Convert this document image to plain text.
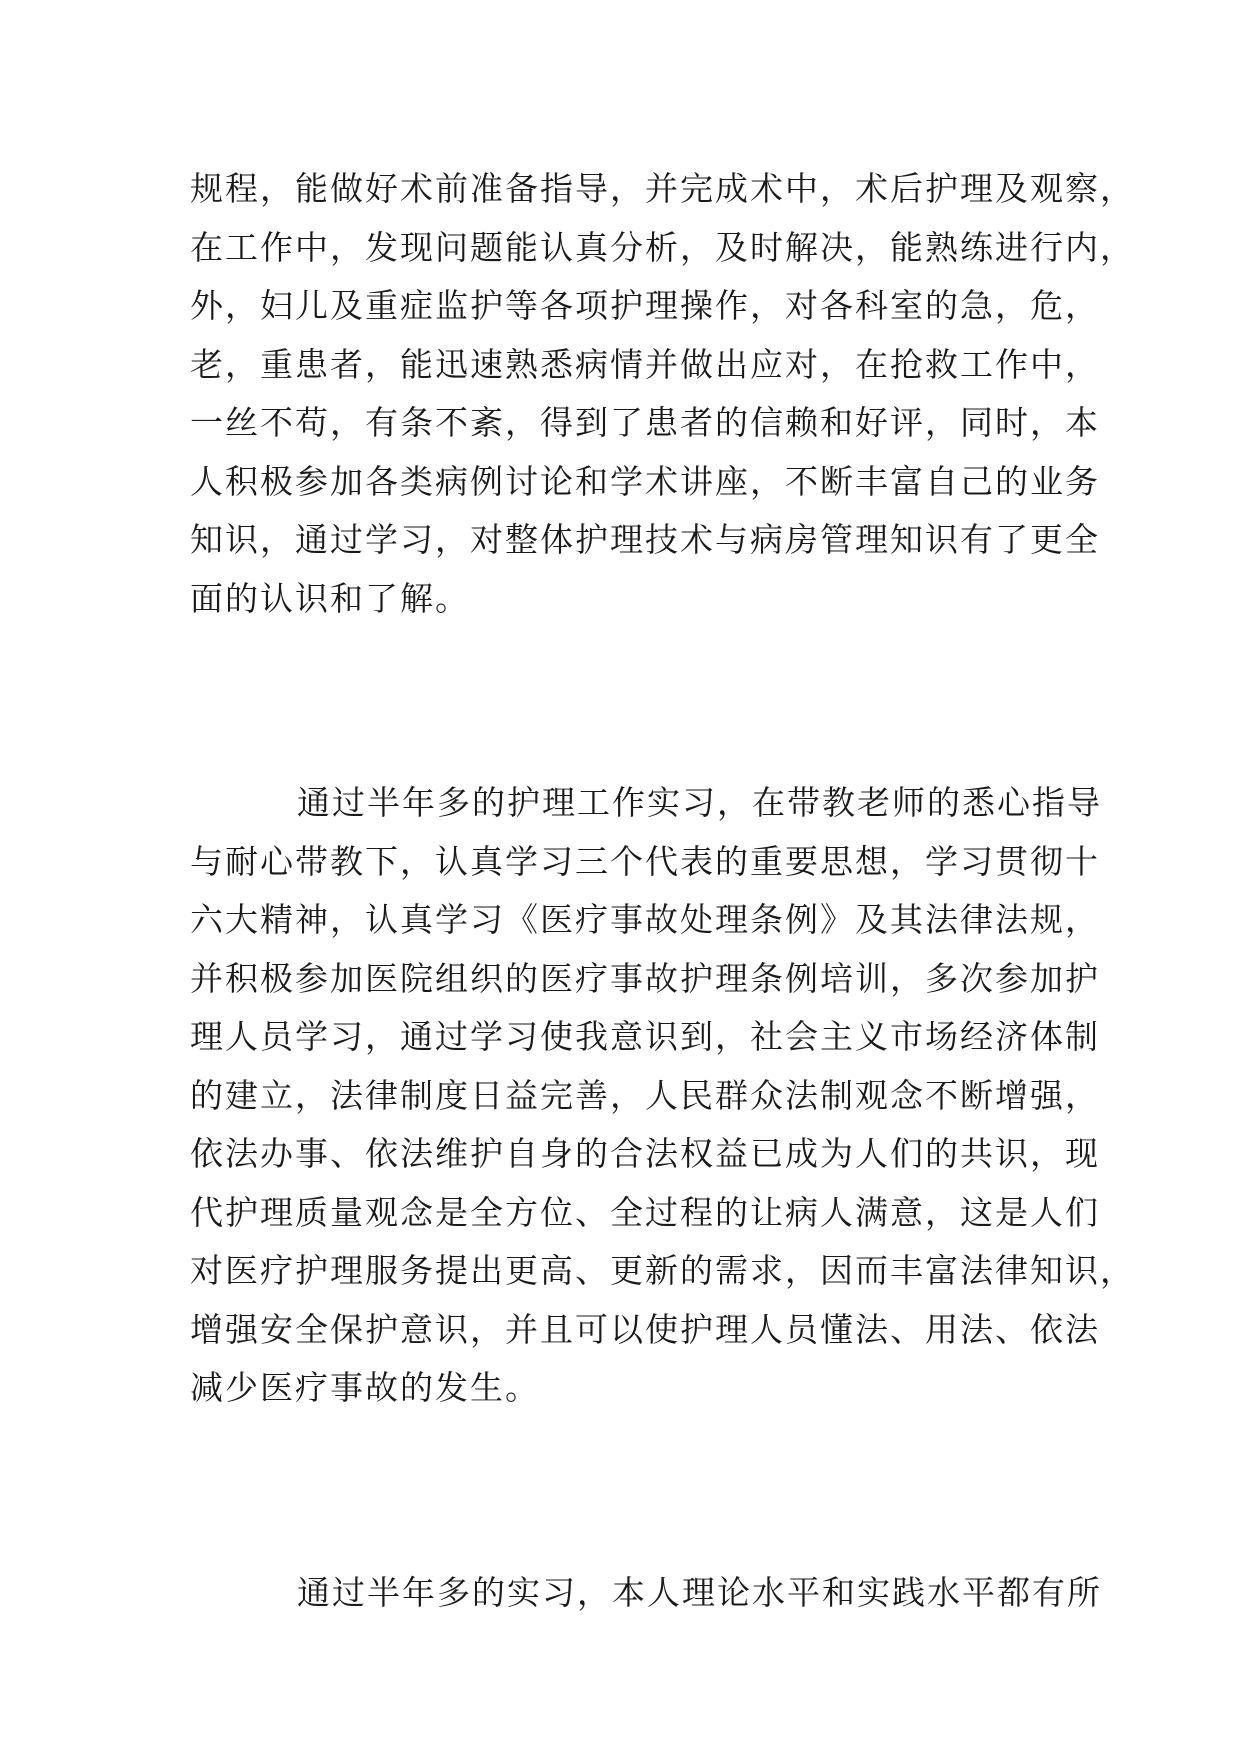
规程，能做好术前准备指导，并完成术中，术后护理及观察，
在工作中，发现问题能认真分析，及时解决，能熟练进行内，
外，妇儿及重症监护等各项护理操作，对各科室的急，危，
老，重患者，能迅速熟悉病情并做出应对，在抢救工作中，
一丝不苟，有条不紊，得到了患者的信赖和好评，同时，本
人积极参加各类病例讨论和学术讲座，不断丰富自己的业务
知识，通过学习，对整体护理技术与病房管理知识有了更全
面的认识和了解。
通过半年多的护理工作实习，在带教老师的悉心指导
与耐心带教下，认真学习三个代表的重要思想，学习贯彻十
六大精神，认真学习《医疗事故处理条例》及其法律法规，
并积极参加医院组织的医疗事故护理条例培训，多次参加护
理人员学习，通过学习使我意识到，社会主义市场经济体制
的建立，法律制度日益完善，人民群众法制观念不断增强，
依法办事、依法维护自身的合法权益已成为人们的共识，现
代护理质量观念是全方位、全过程的让病人满意，这是人们
对医疗护理服务提出更高、更新的需求，因而丰富法律知识，
增强安全保护意识，并且可以使护理人员懂法、用法、依法
减少医疗事故的发生。
通过半年多的实习，本人理论水平和实践水平都有所
